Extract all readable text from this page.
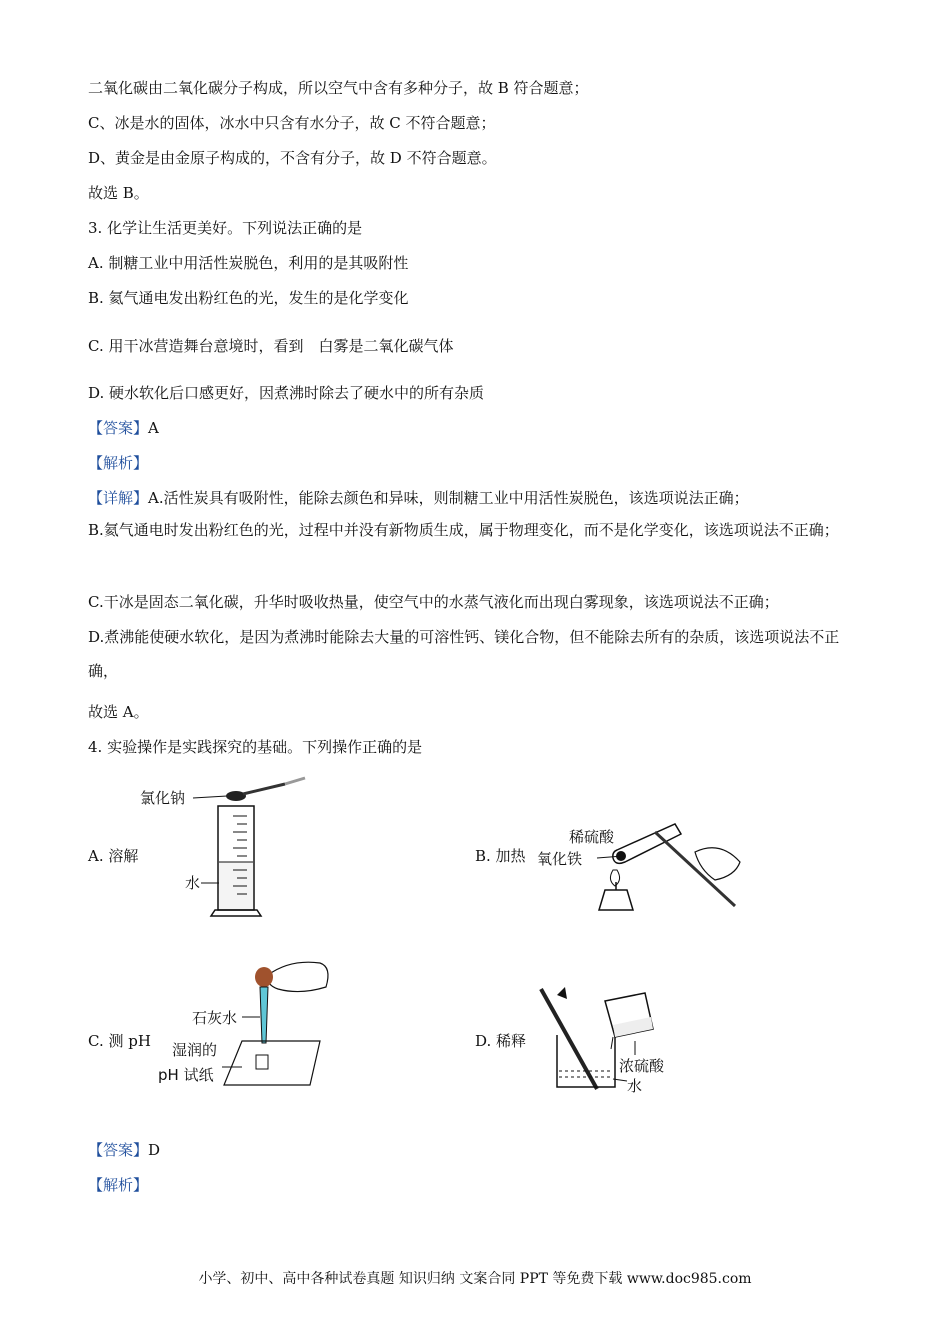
二氧化碳由二氧化碳分子构成，所以空气中含有多种分子，故 B 符合题意；
C、冰是水的固体，冰水中只含有水分子，故 C 不符合题意；
D、黄金是由金原子构成的，不含有分子，故 D 不符合题意。
故选 B。
3. 化学让生活更美好。下列说法正确的是
A. 制糖工业中用活性炭脱色，利用的是其吸附性
B. 氦气通电发出粉红色的光，发生的是化学变化
C. 用干冰营造舞台意境时，看到　白雾是二氧化碳气体
D. 硬水软化后口感更好，因煮沸时除去了硬水中的所有杂质
【答案】A
【解析】
【详解】A.活性炭具有吸附性，能除去颜色和异味，则制糖工业中用活性炭脱色，该选项说法正确；
B.氦气通电时发出粉红色的光，过程中并没有新物质生成，属于物理变化，而不是化学变化，该选项说法不正确；
C.干冰是固态二氧化碳，升华时吸收热量，使空气中的水蒸气液化而出现白雾现象，该选项说法不正确；
D.煮沸能使硬水软化，是因为煮沸时能除去大量的可溶性钙、镁化合物，但不能除去所有的杂质，该选项说法不正确，
故选 A。
4. 实验操作是实践探究的基础。下列操作正确的是
A. 溶解	B. 加热
C. 测 pH	D. 稀释
氯化钠
水
稀硫酸
氧化铁
石灰水
湿润的
pH 试纸	浓硫酸
水
【答案】D
【解析】
小学、初中、高中各种试卷真题 知识归纳 文案合同 PPT 等免费下载 www.doc985.com
